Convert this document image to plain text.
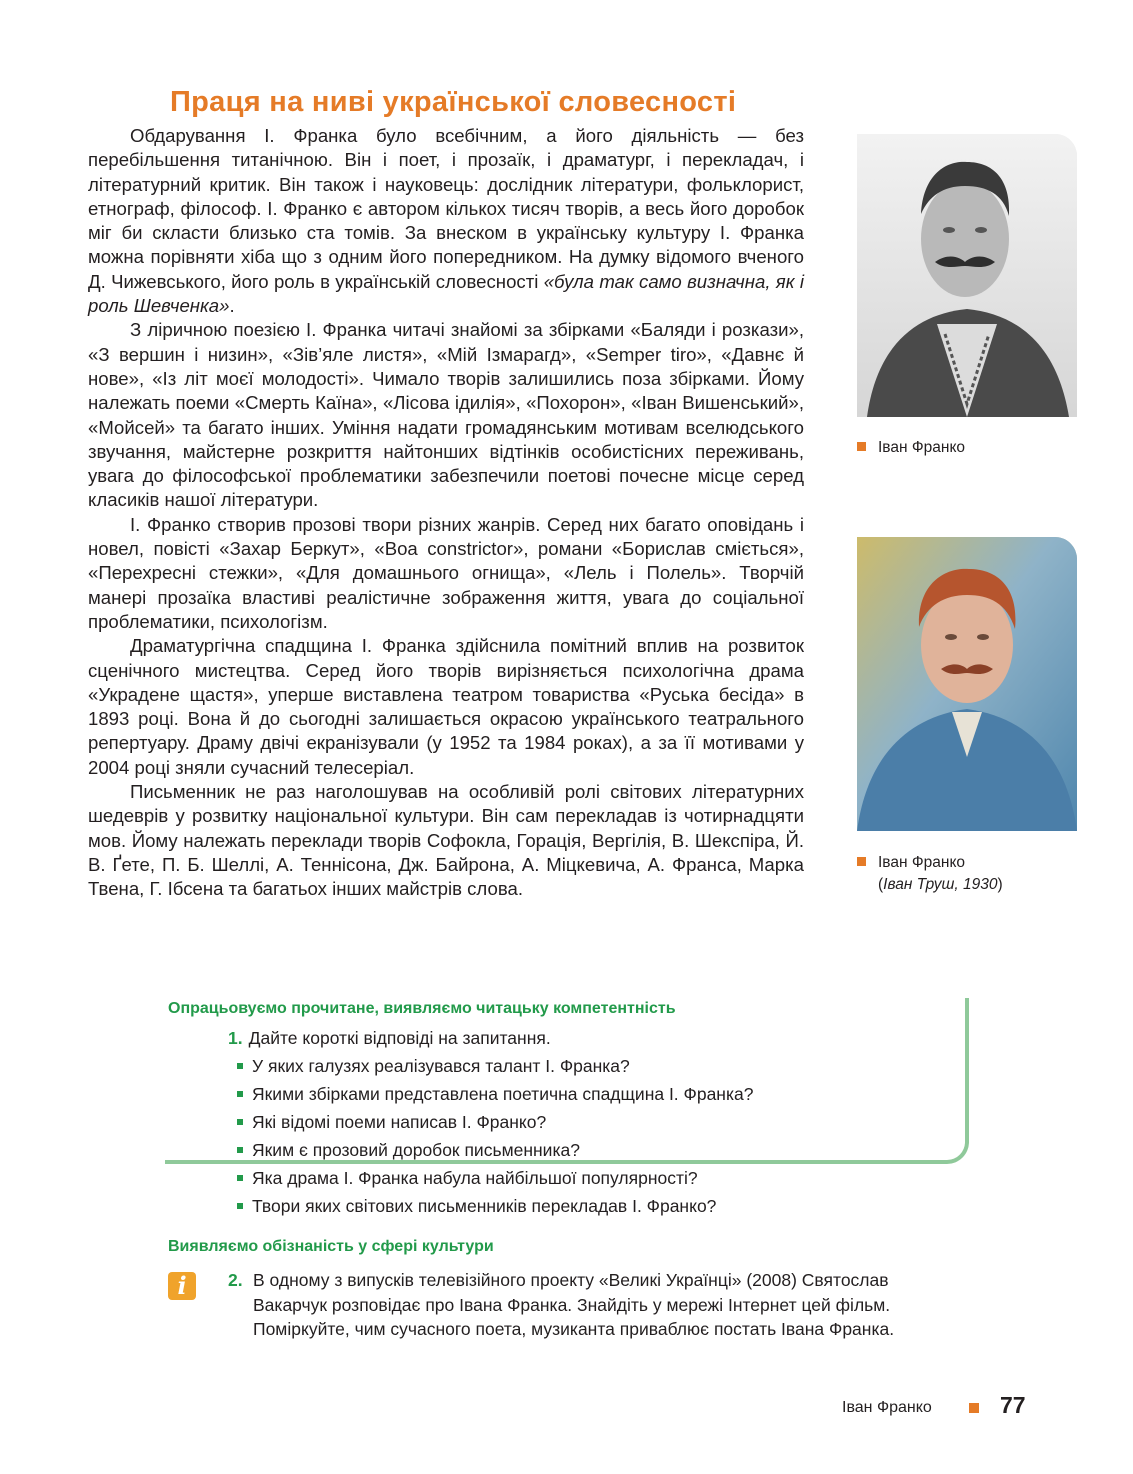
Праця на ниві української словесності

Обдарування І. Франка було всебічним, а його діяльність — без перебільшення титанічною. Він і поет, і прозаїк, і драматург, і перекладач, і літературний критик. Він також і науковець: дослідник літератури, фольклорист, етнограф, філософ. І. Франко є автором кількох тисяч творів, а весь його доробок міг би скласти близько ста томів. За внеском в українську культуру І. Франка можна порівняти хіба що з одним його попередником. На думку відомого вченого Д. Чижевського, його роль в українській словесності «була так само визначна, як і роль Шевченка».

З ліричною поезією І. Франка читачі знайомі за збірками «Баляди і розкази», «З вершин і низин», «Зів’яле листя», «Мій Ізмарагд», «Semper tiro», «Давнє й нове», «Із літ моєї молодості». Чимало творів залишились поза збірками. Йому належать поеми «Смерть Каїна», «Лісова ідилія», «Похорон», «Іван Вишенський», «Мойсей» та багато інших. Уміння надати громадянським мотивам вселюдського звучання, майстерне розкриття найтонших відтінків особистісних переживань, увага до філософської проблематики забезпечили поетові почесне місце серед класиків нашої літератури.

І. Франко створив прозові твори різних жанрів. Серед них багато оповідань і новел, повісті «Захар Беркут», «Boa constrictor», романи «Борислав сміється», «Перехресні стежки», «Для домашнього огнища», «Лель і Полель». Творчій манері прозаїка властиві реалістичне зображення життя, увага до соціальної проблематики, психологізм.

Драматургічна спадщина І. Франка здійснила помітний вплив на розвиток сценічного мистецтва. Серед його творів вирізняється психологічна драма «Украдене щастя», уперше виставлена театром товариства «Руська бесіда» в 1893 році. Вона й до сьогодні залишається окрасою українського театрального репертуару. Драму двічі екранізували (у 1952 та 1984 роках), а за її мотивами у 2004 році зняли сучасний телесеріал.

Письменник не раз наголошував на особливій ролі світових літературних шедеврів у розвитку національної культури. Він сам перекладав із чотирнадцяти мов. Йому належать переклади творів Софокла, Горація, Вергілія, В. Шекспіра, Й. В. Ґете, П. Б. Шеллі, А. Теннісона, Дж. Байрона, А. Міцкевича, А. Франса, Марка Твена, Г. Ібсена та багатьох інших майстрів слова.

Іван Франко
Іван Франко
(Іван Труш, 1930)
Опрацьовуємо прочитане, виявляємо читацьку компетентність
1. Дайте короткі відповіді на запитання.
У яких галузях реалізувався талант І. Франка?
Якими збірками представлена поетична спадщина І. Франка?
Які відомі поеми написав І. Франко?
Яким є прозовий доробок письменника?
Яка драма І. Франка набула найбільшої популярності?
Твори яких світових письменників перекладав І. Франко?
Виявляємо обізнаність у сфері культури
i	2. В одному з випусків телевізійного проекту «Великі Українці» (2008) Святослав Вакарчук розповідає про Івана Франка. Знайдіть у мережі Інтернет цей фільм. Поміркуйте, чим сучасного поета, музиканта приваблює постать Івана Франка.
Іван Франко	77
